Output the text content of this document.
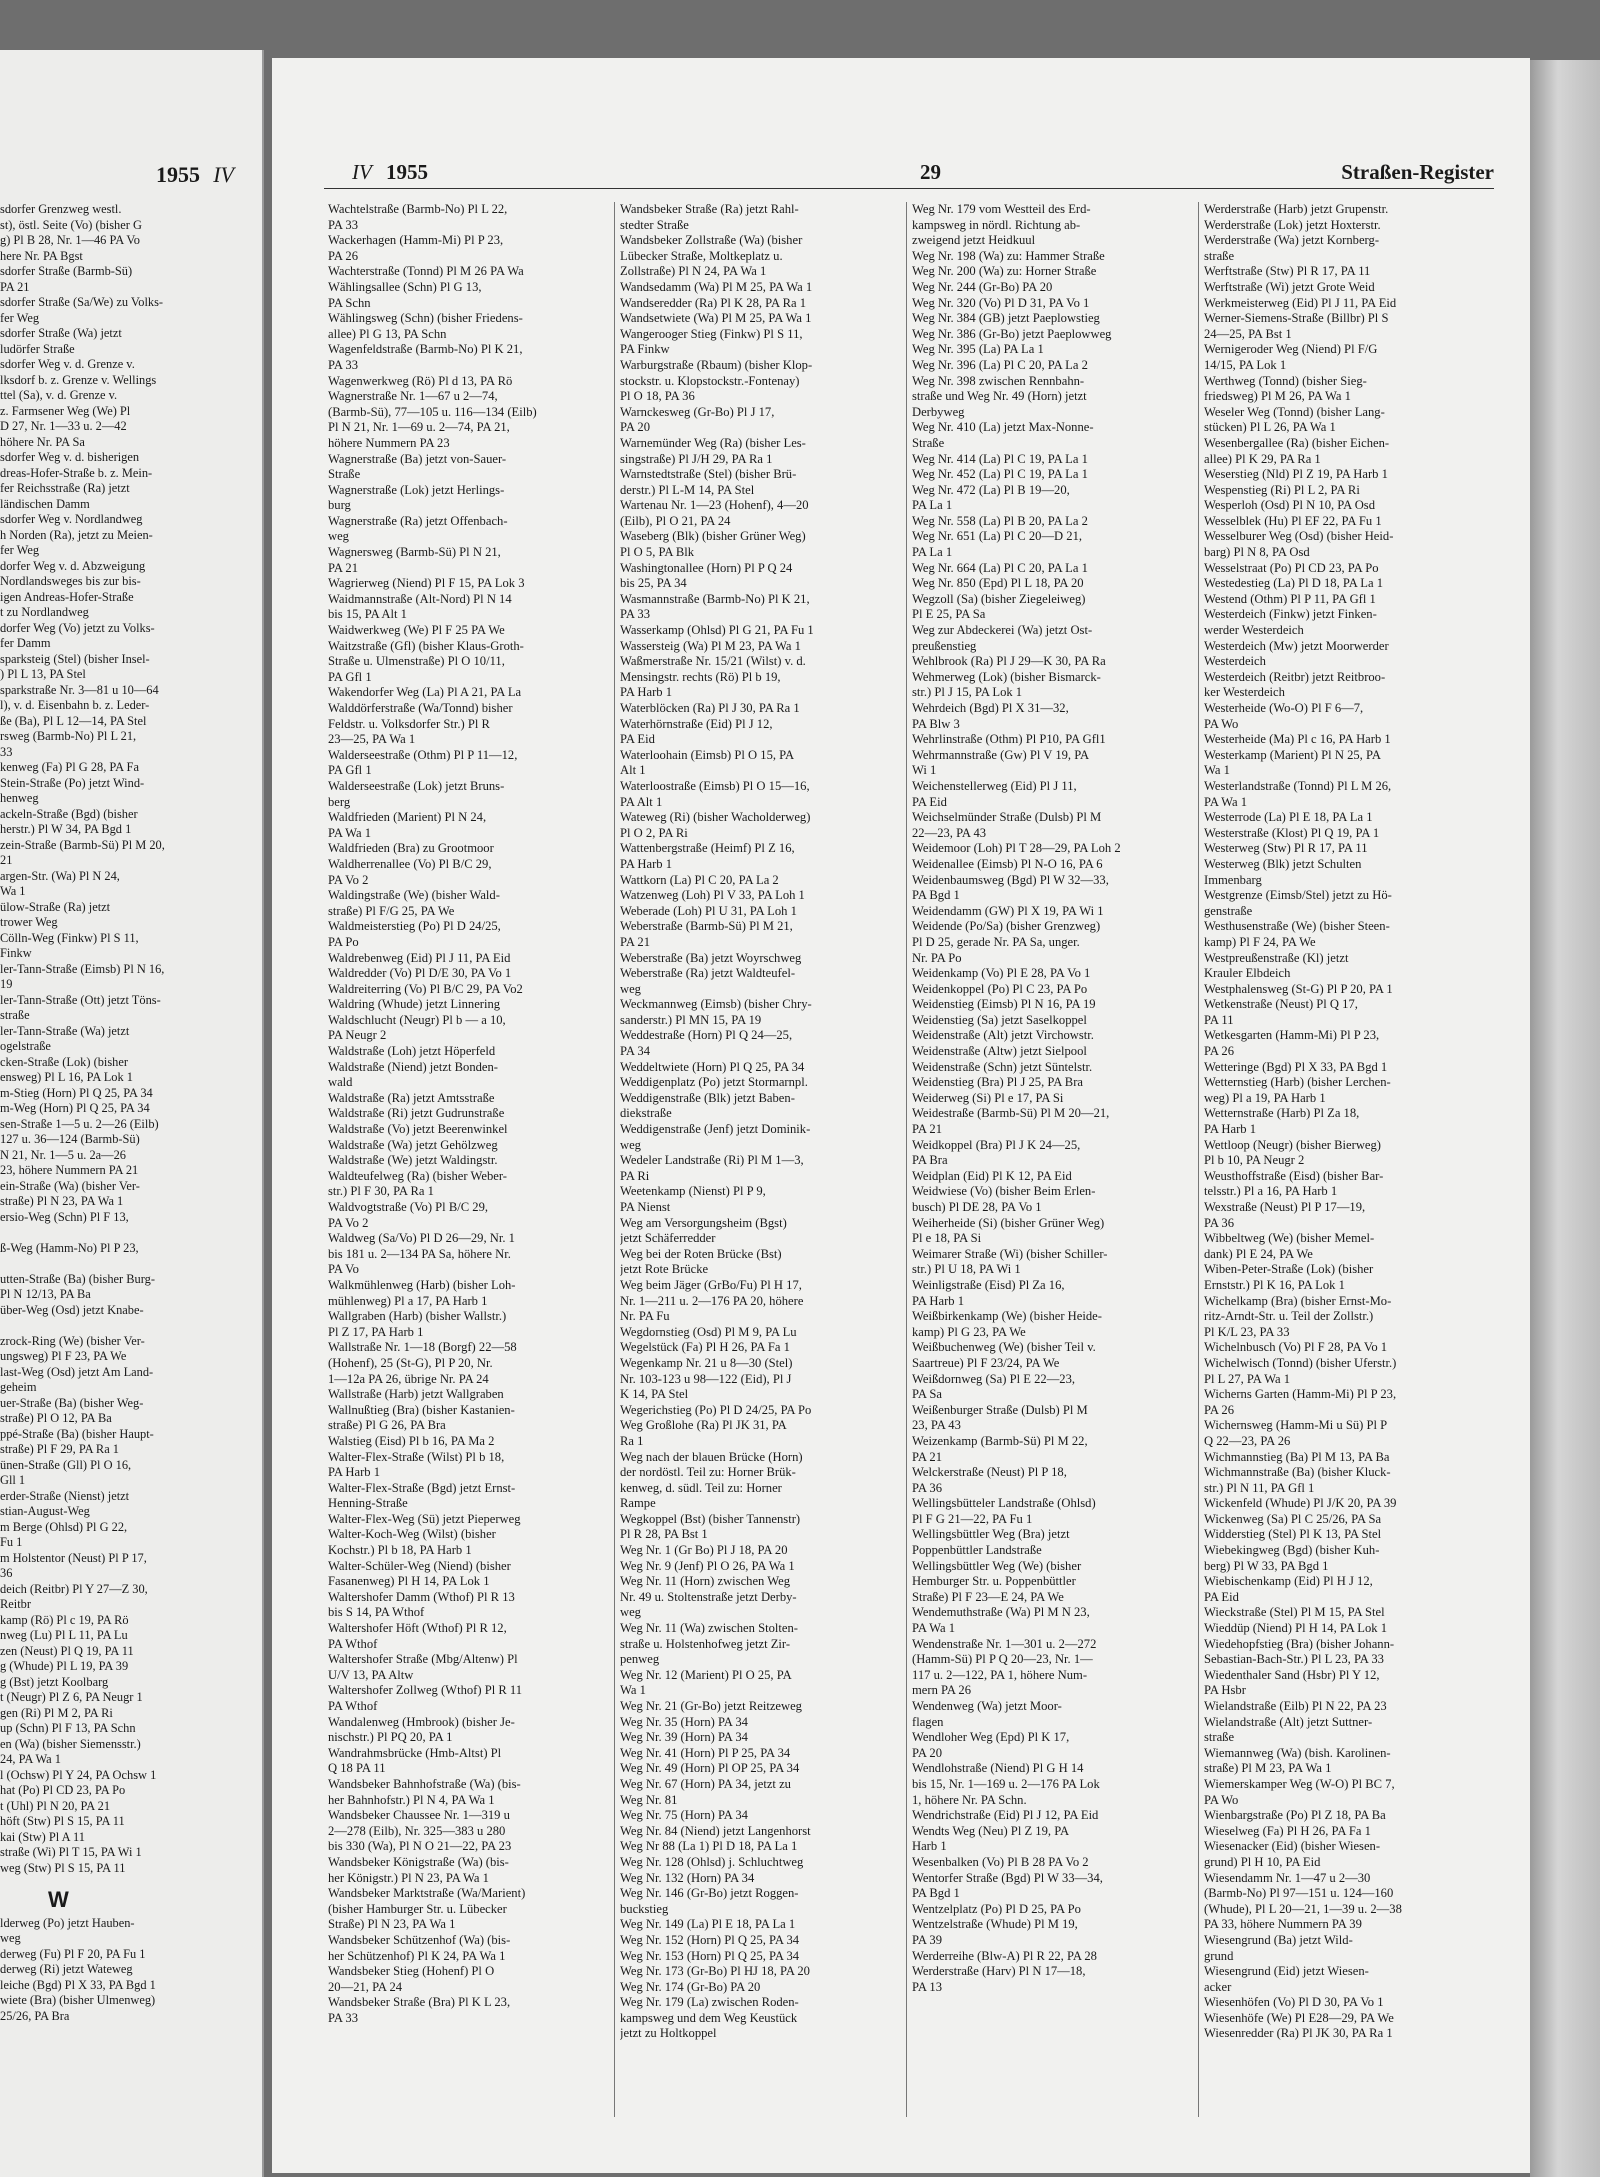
1955 IV
sdorfer Grenzweg westl.
st), östl. Seite (Vo) (bisher G
g) Pl B 28, Nr. 1—46 PA Vo
here Nr. PA Bgst
sdorfer Straße (Barmb-Sü)
PA 21
sdorfer Straße (Sa/We) zu Volks-
fer Weg
sdorfer Straße (Wa) jetzt
ludörfer Straße
sdorfer Weg v. d. Grenze v.
lksdorf b. z. Grenze v. Wellings
ttel (Sa), v. d. Grenze v.
z. Farmsener Weg (We) Pl
D 27, Nr. 1—33 u. 2—42
höhere Nr. PA Sa
sdorfer Weg v. d. bisherigen
dreas-Hofer-Straße b. z. Mein-
fer Reichsstraße (Ra) jetzt
ländischen Damm
sdorfer Weg v. Nordlandweg
h Norden (Ra), jetzt zu Meien-
fer Weg
dorfer Weg v. d. Abzweigung
Nordlandsweges bis zur bis-
igen Andreas-Hofer-Straße
t zu Nordlandweg
dorfer Weg (Vo) jetzt zu Volks-
fer Damm
sparksteig (Stel) (bisher Insel-
) Pl L 13, PA Stel
sparkstraße Nr. 3—81 u 10—64
l), v. d. Eisenbahn b. z. Leder-
ße (Ba), Pl L 12—14, PA Stel
rsweg (Barmb-No) Pl L 21,
33
kenweg (Fa) Pl G 28, PA Fa
Stein-Straße (Po) jetzt Wind-
henweg
ackeln-Straße (Bgd) (bisher
herstr.) Pl W 34, PA Bgd 1
zein-Straße (Barmb-Sü) Pl M 20,
21
argen-Str. (Wa) Pl N 24,
Wa 1
ülow-Straße (Ra) jetzt
trower Weg
Cölln-Weg (Finkw) Pl S 11,
Finkw
ler-Tann-Straße (Eimsb) Pl N 16,
19
ler-Tann-Straße (Ott) jetzt Töns-
straße
ler-Tann-Straße (Wa) jetzt
ogelstraße
cken-Straße (Lok) (bisher
ensweg) Pl L 16, PA Lok 1
m-Stieg (Horn) Pl Q 25, PA 34
m-Weg (Horn) Pl Q 25, PA 34
sen-Straße 1—5 u. 2—26 (Eilb)
127 u. 36—124 (Barmb-Sü)
N 21, Nr. 1—5 u. 2a—26
23, höhere Nummern PA 21
ein-Straße (Wa) (bisher Ver-
straße) Pl N 23, PA Wa 1
ersio-Weg (Schn) Pl F 13,

ß-Weg (Hamm-No) Pl P 23,

utten-Straße (Ba) (bisher Burg-
Pl N 12/13, PA Ba
über-Weg (Osd) jetzt Knabe-

zrock-Ring (We) (bisher Ver-
ungsweg) Pl F 23, PA We
last-Weg (Osd) jetzt Am Land-
geheim
uer-Straße (Ba) (bisher Weg-
straße) Pl O 12, PA Ba
ppé-Straße (Ba) (bisher Haupt-
straße) Pl F 29, PA Ra 1
ünen-Straße (Gll) Pl O 16,
Gll 1
erder-Straße (Nienst) jetzt
stian-August-Weg
m Berge (Ohlsd) Pl G 22,
Fu 1
m Holstentor (Neust) Pl P 17,
36
deich (Reitbr) Pl Y 27—Z 30,
Reitbr
kamp (Rö) Pl c 19, PA Rö
nweg (Lu) Pl L 11, PA Lu
zen (Neust) Pl Q 19, PA 11
g (Whude) Pl L 19, PA 39
g (Bst) jetzt Koolbarg
t (Neugr) Pl Z 6, PA Neugr 1
gen (Ri) Pl M 2, PA Ri
up (Schn) Pl F 13, PA Schn
en (Wa) (bisher Siemensstr.)
24, PA Wa 1
l (Ochsw) Pl Y 24, PA Ochsw 1
hat (Po) Pl CD 23, PA Po
t (Uhl) Pl N 20, PA 21
höft (Stw) Pl S 15, PA 11
kai (Stw) Pl A 11
straße (Wi) Pl T 15, PA Wi 1
weg (Stw) Pl S 15, PA 11
W
lderweg (Po) jetzt Hauben-
weg
derweg (Fu) Pl F 20, PA Fu 1
derweg (Ri) jetzt Wateweg
leiche (Bgd) Pl X 33, PA Bgd 1
wiete (Bra) (bisher Ulmenweg)
25/26, PA Bra
IV 1955	29	Straßen-Register
Wachtelstraße (Barmb-No) Pl L 22,
PA 33
Wackerhagen (Hamm-Mi) Pl P 23,
PA 26
Wachterstraße (Tonnd) Pl M 26 PA Wa
Wählingsallee (Schn) Pl G 13,
PA Schn
Wählingsweg (Schn) (bisher Friedens-
allee) Pl G 13, PA Schn
Wagenfeldstraße (Barmb-No) Pl K 21,
PA 33
Wagenwerkweg (Rö) Pl d 13, PA Rö
Wagnerstraße Nr. 1—67 u 2—74,
(Barmb-Sü), 77—105 u. 116—134 (Eilb)
Pl N 21, Nr. 1—69 u. 2—74, PA 21,
höhere Nummern PA 23
Wagnerstraße (Ba) jetzt von-Sauer-
Straße
Wagnerstraße (Lok) jetzt Herlings-
burg
Wagnerstraße (Ra) jetzt Offenbach-
weg
Wagnersweg (Barmb-Sü) Pl N 21,
PA 21
Wagrierweg (Niend) Pl F 15, PA Lok 3
Waidmannstraße (Alt-Nord) Pl N 14
bis 15, PA Alt 1
Waidwerkweg (We) Pl F 25 PA We
Waitzstraße (Gfl) (bisher Klaus-Groth-
Straße u. Ulmenstraße) Pl O 10/11,
PA Gfl 1
Wakendorfer Weg (La) Pl A 21, PA La
Walddörferstraße (Wa/Tonnd) bisher
Feldstr. u. Volksdorfer Str.) Pl R
23—25, PA Wa 1
Walderseestraße (Othm) Pl P 11—12,
PA Gfl 1
Walderseestraße (Lok) jetzt Bruns-
berg
Waldfrieden (Marient) Pl N 24,
PA Wa 1
Waldfrieden (Bra) zu Grootmoor
Waldherrenallee (Vo) Pl B/C 29,
PA Vo 2
Waldingstraße (We) (bisher Wald-
straße) Pl F/G 25, PA We
Waldmeisterstieg (Po) Pl D 24/25,
PA Po
Waldrebenweg (Eid) Pl J 11, PA Eid
Waldredder (Vo) Pl D/E 30, PA Vo 1
Waldreiterring (Vo) Pl B/C 29, PA Vo2
Waldring (Whude) jetzt Linnering
Waldschlucht (Neugr) Pl b — a 10,
PA Neugr 2
Waldstraße (Loh) jetzt Höperfeld
Waldstraße (Niend) jetzt Bonden-
wald
Waldstraße (Ra) jetzt Amtsstraße
Waldstraße (Ri) jetzt Gudrunstraße
Waldstraße (Vo) jetzt Beerenwinkel
Waldstraße (Wa) jetzt Gehölzweg
Waldstraße (We) jetzt Waldingstr.
Waldteufelweg (Ra) (bisher Weber-
str.) Pl F 30, PA Ra 1
Waldvogtstraße (Vo) Pl B/C 29,
PA Vo 2
Waldweg (Sa/Vo) Pl D 26—29, Nr. 1
bis 181 u. 2—134 PA Sa, höhere Nr.
PA Vo
Walkmühlenweg (Harb) (bisher Loh-
mühlenweg) Pl a 17, PA Harb 1
Wallgraben (Harb) (bisher Wallstr.)
Pl Z 17, PA Harb 1
Wallstraße Nr. 1—18 (Borgf) 22—58
(Hohenf), 25 (St-G), Pl P 20, Nr.
1—12a PA 26, übrige Nr. PA 24
Wallstraße (Harb) jetzt Wallgraben
Wallnußtieg (Bra) (bisher Kastanien-
straße) Pl G 26, PA Bra
Walstieg (Eisd) Pl b 16, PA Ma 2
Walter-Flex-Straße (Wilst) Pl b 18,
PA Harb 1
Walter-Flex-Straße (Bgd) jetzt Ernst-
Henning-Straße
Walter-Flex-Weg (Sü) jetzt Pieperweg
Walter-Koch-Weg (Wilst) (bisher
Kochstr.) Pl b 18, PA Harb 1
Walter-Schüler-Weg (Niend) (bisher
Fasanenweg) Pl H 14, PA Lok 1
Waltershofer Damm (Wthof) Pl R 13
bis S 14, PA Wthof
Waltershofer Höft (Wthof) Pl R 12,
PA Wthof
Waltershofer Straße (Mbg/Altenw) Pl
U/V 13, PA Altw
Waltershofer Zollweg (Wthof) Pl R 11
PA Wthof
Wandalenweg (Hmbrook) (bisher Je-
nischstr.) Pl PQ 20, PA 1
Wandrahmsbrücke (Hmb-Altst) Pl
Q 18 PA 11
Wandsbeker Bahnhofstraße (Wa) (bis-
her Bahnhofstr.) Pl N 4, PA Wa 1
Wandsbeker Chaussee Nr. 1—319 u
2—278 (Eilb), Nr. 325—383 u 280
bis 330 (Wa), Pl N O 21—22, PA 23
Wandsbeker Königstraße (Wa) (bis-
her Königstr.) Pl N 23, PA Wa 1
Wandsbeker Marktstraße (Wa/Marient)
(bisher Hamburger Str. u. Lübecker
Straße) Pl N 23, PA Wa 1
Wandsbeker Schützenhof (Wa) (bis-
her Schützenhof) Pl K 24, PA Wa 1
Wandsbeker Stieg (Hohenf) Pl O
20—21, PA 24
Wandsbeker Straße (Bra) Pl K L 23,
PA 33
Wandsbeker Straße (Ra) jetzt Rahl-
stedter Straße
Wandsbeker Zollstraße (Wa) (bisher
Lübecker Straße, Moltkeplatz u.
Zollstraße) Pl N 24, PA Wa 1
Wandsedamm (Wa) Pl M 25, PA Wa 1
Wandseredder (Ra) Pl K 28, PA Ra 1
Wandsetwiete (Wa) Pl M 25, PA Wa 1
Wangerooger Stieg (Finkw) Pl S 11,
PA Finkw
Warburgstraße (Rbaum) (bisher Klop-
stockstr. u. Klopstockstr.-Fontenay)
Pl O 18, PA 36
Warnckesweg (Gr-Bo) Pl J 17,
PA 20
Warnemünder Weg (Ra) (bisher Les-
singstraße) Pl J/H 29, PA Ra 1
Warnstedtstraße (Stel) (bisher Brü-
derstr.) Pl L-M 14, PA Stel
Wartenau Nr. 1—23 (Hohenf), 4—20
(Eilb), Pl O 21, PA 24
Waseberg (Blk) (bisher Grüner Weg)
Pl O 5, PA Blk
Washingtonallee (Horn) Pl P Q 24
bis 25, PA 34
Wasmannstraße (Barmb-No) Pl K 21,
PA 33
Wasserkamp (Ohlsd) Pl G 21, PA Fu 1
Wassersteig (Wa) Pl M 23, PA Wa 1
Waßmerstraße Nr. 15/21 (Wilst) v. d.
Mensingstr. rechts (Rö) Pl b 19,
PA Harb 1
Waterblöcken (Ra) Pl J 30, PA Ra 1
Waterhörnstraße (Eid) Pl J 12,
PA Eid
Waterloohain (Eimsb) Pl O 15, PA
Alt 1
Waterloostraße (Eimsb) Pl O 15—16,
PA Alt 1
Wateweg (Ri) (bisher Wacholderweg)
Pl O 2, PA Ri
Wattenbergstraße (Heimf) Pl Z 16,
PA Harb 1
Wattkorn (La) Pl C 20, PA La 2
Watzenweg (Loh) Pl V 33, PA Loh 1
Weberade (Loh) Pl U 31, PA Loh 1
Weberstraße (Barmb-Sü) Pl M 21,
PA 21
Weberstraße (Ba) jetzt Woyrschweg
Weberstraße (Ra) jetzt Waldteufel-
weg
Weckmannweg (Eimsb) (bisher Chry-
sanderstr.) Pl MN 15, PA 19
Weddestraße (Horn) Pl Q 24—25,
PA 34
Weddeltwiete (Horn) Pl Q 25, PA 34
Weddigenplatz (Po) jetzt Stormarnpl.
Weddigenstraße (Blk) jetzt Baben-
diekstraße
Weddigenstraße (Jenf) jetzt Dominik-
weg
Wedeler Landstraße (Ri) Pl M 1—3,
PA Ri
Weetenkamp (Nienst) Pl P 9,
PA Nienst
Weg am Versorgungsheim (Bgst)
jetzt Schäferredder
Weg bei der Roten Brücke (Bst)
jetzt Rote Brücke
Weg beim Jäger (GrBo/Fu) Pl H 17,
Nr. 1—211 u. 2—176 PA 20, höhere
Nr. PA Fu
Wegdornstieg (Osd) Pl M 9, PA Lu
Wegelstück (Fa) Pl H 26, PA Fa 1
Wegenkamp Nr. 21 u 8—30 (Stel)
Nr. 103-123 u 98—122 (Eid), Pl J
K 14, PA Stel
Wegerichstieg (Po) Pl D 24/25, PA Po
Weg Großlohe (Ra) Pl JK 31, PA
Ra 1
Weg nach der blauen Brücke (Horn)
der nordöstl. Teil zu: Horner Brük-
kenweg, d. südl. Teil zu: Horner
Rampe
Wegkoppel (Bst) (bisher Tannenstr)
Pl R 28, PA Bst 1
Weg Nr. 1 (Gr Bo) Pl J 18, PA 20
Weg Nr. 9 (Jenf) Pl O 26, PA Wa 1
Weg Nr. 11 (Horn) zwischen Weg
Nr. 49 u. Stoltenstraße jetzt Derby-
weg
Weg Nr. 11 (Wa) zwischen Stolten-
straße u. Holstenhofweg jetzt Zir-
penweg
Weg Nr. 12 (Marient) Pl O 25, PA
Wa 1
Weg Nr. 21 (Gr-Bo) jetzt Reitzeweg
Weg Nr. 35 (Horn) PA 34
Weg Nr. 39 (Horn) PA 34
Weg Nr. 41 (Horn) Pl P 25, PA 34
Weg Nr. 49 (Horn) Pl OP 25, PA 34
Weg Nr. 67 (Horn) PA 34, jetzt zu
Weg Nr. 81
Weg Nr. 75 (Horn) PA 34
Weg Nr. 84 (Niend) jetzt Langenhorst
Weg Nr 88 (La 1) Pl D 18, PA La 1
Weg Nr. 128 (Ohlsd) j. Schluchtweg
Weg Nr. 132 (Horn) PA 34
Weg Nr. 146 (Gr-Bo) jetzt Roggen-
buckstieg
Weg Nr. 149 (La) Pl E 18, PA La 1
Weg Nr. 152 (Horn) Pl Q 25, PA 34
Weg Nr. 153 (Horn) Pl Q 25, PA 34
Weg Nr. 173 (Gr-Bo) Pl HJ 18, PA 20
Weg Nr. 174 (Gr-Bo) PA 20
Weg Nr. 179 (La) zwischen Roden-
kampsweg und dem Weg Keustück
jetzt zu Holtkoppel
Weg Nr. 179 vom Westteil des Erd-
kampsweg in nördl. Richtung ab-
zweigend jetzt Heidkuul
Weg Nr. 198 (Wa) zu: Hammer Straße
Weg Nr. 200 (Wa) zu: Horner Straße
Weg Nr. 244 (Gr-Bo) PA 20
Weg Nr. 320 (Vo) Pl D 31, PA Vo 1
Weg Nr. 384 (GB) jetzt Paeplowstieg
Weg Nr. 386 (Gr-Bo) jetzt Paeplowweg
Weg Nr. 395 (La) PA La 1
Weg Nr. 396 (La) Pl C 20, PA La 2
Weg Nr. 398 zwischen Rennbahn-
straße und Weg Nr. 49 (Horn) jetzt
Derbyweg
Weg Nr. 410 (La) jetzt Max-Nonne-
Straße
Weg Nr. 414 (La) Pl C 19, PA La 1
Weg Nr. 452 (La) Pl C 19, PA La 1
Weg Nr. 472 (La) Pl B 19—20,
PA La 1
Weg Nr. 558 (La) Pl B 20, PA La 2
Weg Nr. 651 (La) Pl C 20—D 21,
PA La 1
Weg Nr. 664 (La) Pl C 20, PA La 1
Weg Nr. 850 (Epd) Pl L 18, PA 20
Wegzoll (Sa) (bisher Ziegeleiweg)
Pl E 25, PA Sa
Weg zur Abdeckerei (Wa) jetzt Ost-
preußenstieg
Wehlbrook (Ra) Pl J 29—K 30, PA Ra
Wehmerweg (Lok) (bisher Bismarck-
str.) Pl J 15, PA Lok 1
Wehrdeich (Bgd) Pl X 31—32,
PA Blw 3
Wehrlinstraße (Othm) Pl P10, PA Gfl1
Wehrmannstraße (Gw) Pl V 19, PA
Wi 1
Weichenstellerweg (Eid) Pl J 11,
PA Eid
Weichselmünder Straße (Dulsb) Pl M
22—23, PA 43
Weidemoor (Loh) Pl T 28—29, PA Loh 2
Weidenallee (Eimsb) Pl N-O 16, PA 6
Weidenbaumsweg (Bgd) Pl W 32—33,
PA Bgd 1
Weidendamm (GW) Pl X 19, PA Wi 1
Weidende (Po/Sa) (bisher Grenzweg)
Pl D 25, gerade Nr. PA Sa, unger.
Nr. PA Po
Weidenkamp (Vo) Pl E 28, PA Vo 1
Weidenkoppel (Po) Pl C 23, PA Po
Weidenstieg (Eimsb) Pl N 16, PA 19
Weidenstieg (Sa) jetzt Saselkoppel
Weidenstraße (Alt) jetzt Virchowstr.
Weidenstraße (Altw) jetzt Sielpool
Weidenstraße (Schn) jetzt Süntelstr.
Weidenstieg (Bra) Pl J 25, PA Bra
Weiderweg (Si) Pl e 17, PA Si
Weidestraße (Barmb-Sü) Pl M 20—21,
PA 21
Weidkoppel (Bra) Pl J K 24—25,
PA Bra
Weidplan (Eid) Pl K 12, PA Eid
Weidwiese (Vo) (bisher Beim Erlen-
busch) Pl DE 28, PA Vo 1
Weiherheide (Si) (bisher Grüner Weg)
Pl e 18, PA Si
Weimarer Straße (Wi) (bisher Schiller-
str.) Pl U 18, PA Wi 1
Weinligstraße (Eisd) Pl Za 16,
PA Harb 1
Weißbirkenkamp (We) (bisher Heide-
kamp) Pl G 23, PA We
Weißbuchenweg (We) (bisher Teil v.
Saartreue) Pl F 23/24, PA We
Weißdornweg (Sa) Pl E 22—23,
PA Sa
Weißenburger Straße (Dulsb) Pl M
23, PA 43
Weizenkamp (Barmb-Sü) Pl M 22,
PA 21
Welckerstraße (Neust) Pl P 18,
PA 36
Wellingsbütteler Landstraße (Ohlsd)
Pl F G 21—22, PA Fu 1
Wellingsbüttler Weg (Bra) jetzt
Poppenbüttler Landstraße
Wellingsbüttler Weg (We) (bisher
Hemburger Str. u. Poppenbüttler
Straße) Pl F 23—E 24, PA We
Wendemuthstraße (Wa) Pl M N 23,
PA Wa 1
Wendenstraße Nr. 1—301 u. 2—272
(Hamm-Sü) Pl P Q 20—23, Nr. 1—
117 u. 2—122, PA 1, höhere Num-
mern PA 26
Wendenweg (Wa) jetzt Moor-
flagen
Wendloher Weg (Epd) Pl K 17,
PA 20
Wendlohstraße (Niend) Pl G H 14
bis 15, Nr. 1—169 u. 2—176 PA Lok
1, höhere Nr. PA Schn.
Wendrichstraße (Eid) Pl J 12, PA Eid
Wendts Weg (Neu) Pl Z 19, PA
Harb 1
Wesenbalken (Vo) Pl B 28 PA Vo 2
Wentorfer Straße (Bgd) Pl W 33—34,
PA Bgd 1
Wentzelplatz (Po) Pl D 25, PA Po
Wentzelstraße (Whude) Pl M 19,
PA 39
Werderreihe (Blw-A) Pl R 22, PA 28
Werderstraße (Harv) Pl N 17—18,
PA 13
Werderstraße (Harb) jetzt Grupenstr.
Werderstraße (Lok) jetzt Hoxterstr.
Werderstraße (Wa) jetzt Kornberg-
straße
Werftstraße (Stw) Pl R 17, PA 11
Werftstraße (Wi) jetzt Grote Weid
Werkmeisterweg (Eid) Pl J 11, PA Eid
Werner-Siemens-Straße (Billbr) Pl S
24—25, PA Bst 1
Wernigeroder Weg (Niend) Pl F/G
14/15, PA Lok 1
Werthweg (Tonnd) (bisher Sieg-
friedsweg) Pl M 26, PA Wa 1
Weseler Weg (Tonnd) (bisher Lang-
stücken) Pl L 26, PA Wa 1
Wesenbergallee (Ra) (bisher Eichen-
allee) Pl K 29, PA Ra 1
Weserstieg (Nld) Pl Z 19, PA Harb 1
Wespenstieg (Ri) Pl L 2, PA Ri
Wesperloh (Osd) Pl N 10, PA Osd
Wesselblek (Hu) Pl EF 22, PA Fu 1
Wesselburer Weg (Osd) (bisher Heid-
barg) Pl N 8, PA Osd
Wesselstraat (Po) Pl CD 23, PA Po
Westedestieg (La) Pl D 18, PA La 1
Westend (Othm) Pl P 11, PA Gfl 1
Westerdeich (Finkw) jetzt Finken-
werder Westerdeich
Westerdeich (Mw) jetzt Moorwerder
Westerdeich
Westerdeich (Reitbr) jetzt Reitbroo-
ker Westerdeich
Westerheide (Wo-O) Pl F 6—7,
PA Wo
Westerheide (Ma) Pl c 16, PA Harb 1
Westerkamp (Marient) Pl N 25, PA
Wa 1
Westerlandstraße (Tonnd) Pl L M 26,
PA Wa 1
Westerrode (La) Pl E 18, PA La 1
Westerstraße (Klost) Pl Q 19, PA 1
Westerweg (Stw) Pl R 17, PA 11
Westerweg (Blk) jetzt Schulten
Immenbarg
Westgrenze (Eimsb/Stel) jetzt zu Hö-
genstraße
Westhusenstraße (We) (bisher Steen-
kamp) Pl F 24, PA We
Westpreußenstraße (Kl) jetzt
Krauler Elbdeich
Westphalensweg (St-G) Pl P 20, PA 1
Wetkenstraße (Neust) Pl Q 17,
PA 11
Wetkesgarten (Hamm-Mi) Pl P 23,
PA 26
Wetteringe (Bgd) Pl X 33, PA Bgd 1
Wetternstieg (Harb) (bisher Lerchen-
weg) Pl a 19, PA Harb 1
Wetternstraße (Harb) Pl Za 18,
PA Harb 1
Wettloop (Neugr) (bisher Bierweg)
Pl b 10, PA Neugr 2
Weusthoffstraße (Eisd) (bisher Bar-
telsstr.) Pl a 16, PA Harb 1
Wexstraße (Neust) Pl P 17—19,
PA 36
Wibbeltweg (We) (bisher Memel-
dank) Pl E 24, PA We
Wiben-Peter-Straße (Lok) (bisher
Ernststr.) Pl K 16, PA Lok 1
Wichelkamp (Bra) (bisher Ernst-Mo-
ritz-Arndt-Str. u. Teil der Zollstr.)
Pl K/L 23, PA 33
Wichelnbusch (Vo) Pl F 28, PA Vo 1
Wichelwisch (Tonnd) (bisher Uferstr.)
Pl L 27, PA Wa 1
Wicherns Garten (Hamm-Mi) Pl P 23,
PA 26
Wichernsweg (Hamm-Mi u Sü) Pl P
Q 22—23, PA 26
Wichmannstieg (Ba) Pl M 13, PA Ba
Wichmannstraße (Ba) (bisher Kluck-
str.) Pl N 11, PA Gfl 1
Wickenfeld (Whude) Pl J/K 20, PA 39
Wickenweg (Sa) Pl C 25/26, PA Sa
Widderstieg (Stel) Pl K 13, PA Stel
Wiebekingweg (Bgd) (bisher Kuh-
berg) Pl W 33, PA Bgd 1
Wiebischenkamp (Eid) Pl H J 12,
PA Eid
Wieckstraße (Stel) Pl M 15, PA Stel
Wieddüp (Niend) Pl H 14, PA Lok 1
Wiedehopfstieg (Bra) (bisher Johann-
Sebastian-Bach-Str.) Pl L 23, PA 33
Wiedenthaler Sand (Hsbr) Pl Y 12,
PA Hsbr
Wielandstraße (Eilb) Pl N 22, PA 23
Wielandstraße (Alt) jetzt Suttner-
straße
Wiemannweg (Wa) (bish. Karolinen-
straße) Pl M 23, PA Wa 1
Wiemerskamper Weg (W-O) Pl BC 7,
PA Wo
Wienbargstraße (Po) Pl Z 18, PA Ba
Wieselweg (Fa) Pl H 26, PA Fa 1
Wiesenacker (Eid) (bisher Wiesen-
grund) Pl H 10, PA Eid
Wiesendamm Nr. 1—47 u 2—30
(Barmb-No) Pl 97—151 u. 124—160
(Whude), Pl L 20—21, 1—39 u. 2—38
PA 33, höhere Nummern PA 39
Wiesengrund (Ba) jetzt Wild-
grund
Wiesengrund (Eid) jetzt Wiesen-
acker
Wiesenhöfen (Vo) Pl D 30, PA Vo 1
Wiesenhöfe (We) Pl E28—29, PA We
Wiesenredder (Ra) Pl JK 30, PA Ra 1
